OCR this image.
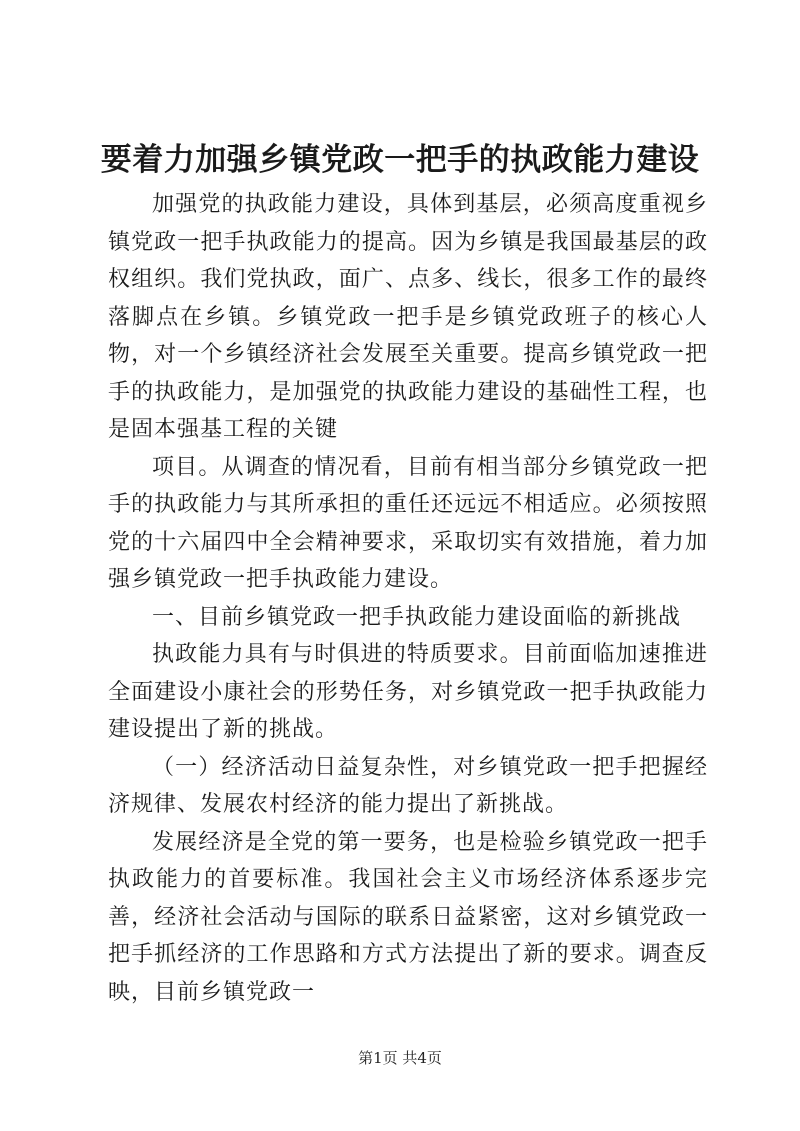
要着力加强乡镇党政一把手的执政能力建设

加强党的执政能力建设，具体到基层，必须高度重视乡镇党政一把手执政能力的提高。因为乡镇是我国最基层的政权组织。我们党执政，面广、点多、线长，很多工作的最终落脚点在乡镇。乡镇党政一把手是乡镇党政班子的核心人物，对一个乡镇经济社会发展至关重要。提高乡镇党政一把手的执政能力，是加强党的执政能力建设的基础性工程，也是固本强基工程的关键

项目。从调查的情况看，目前有相当部分乡镇党政一把手的执政能力与其所承担的重任还远远不相适应。必须按照党的十六届四中全会精神要求，采取切实有效措施，着力加强乡镇党政一把手执政能力建设。

一、目前乡镇党政一把手执政能力建设面临的新挑战

执政能力具有与时俱进的特质要求。目前面临加速推进全面建设小康社会的形势任务，对乡镇党政一把手执政能力建设提出了新的挑战。

（一）经济活动日益复杂性，对乡镇党政一把手把握经济规律、发展农村经济的能力提出了新挑战。

发展经济是全党的第一要务，也是检验乡镇党政一把手执政能力的首要标准。我国社会主义市场经济体系逐步完善，经济社会活动与国际的联系日益紧密，这对乡镇党政一把手抓经济的工作思路和方式方法提出了新的要求。调查反映，目前乡镇党政一

第1页 共4页
